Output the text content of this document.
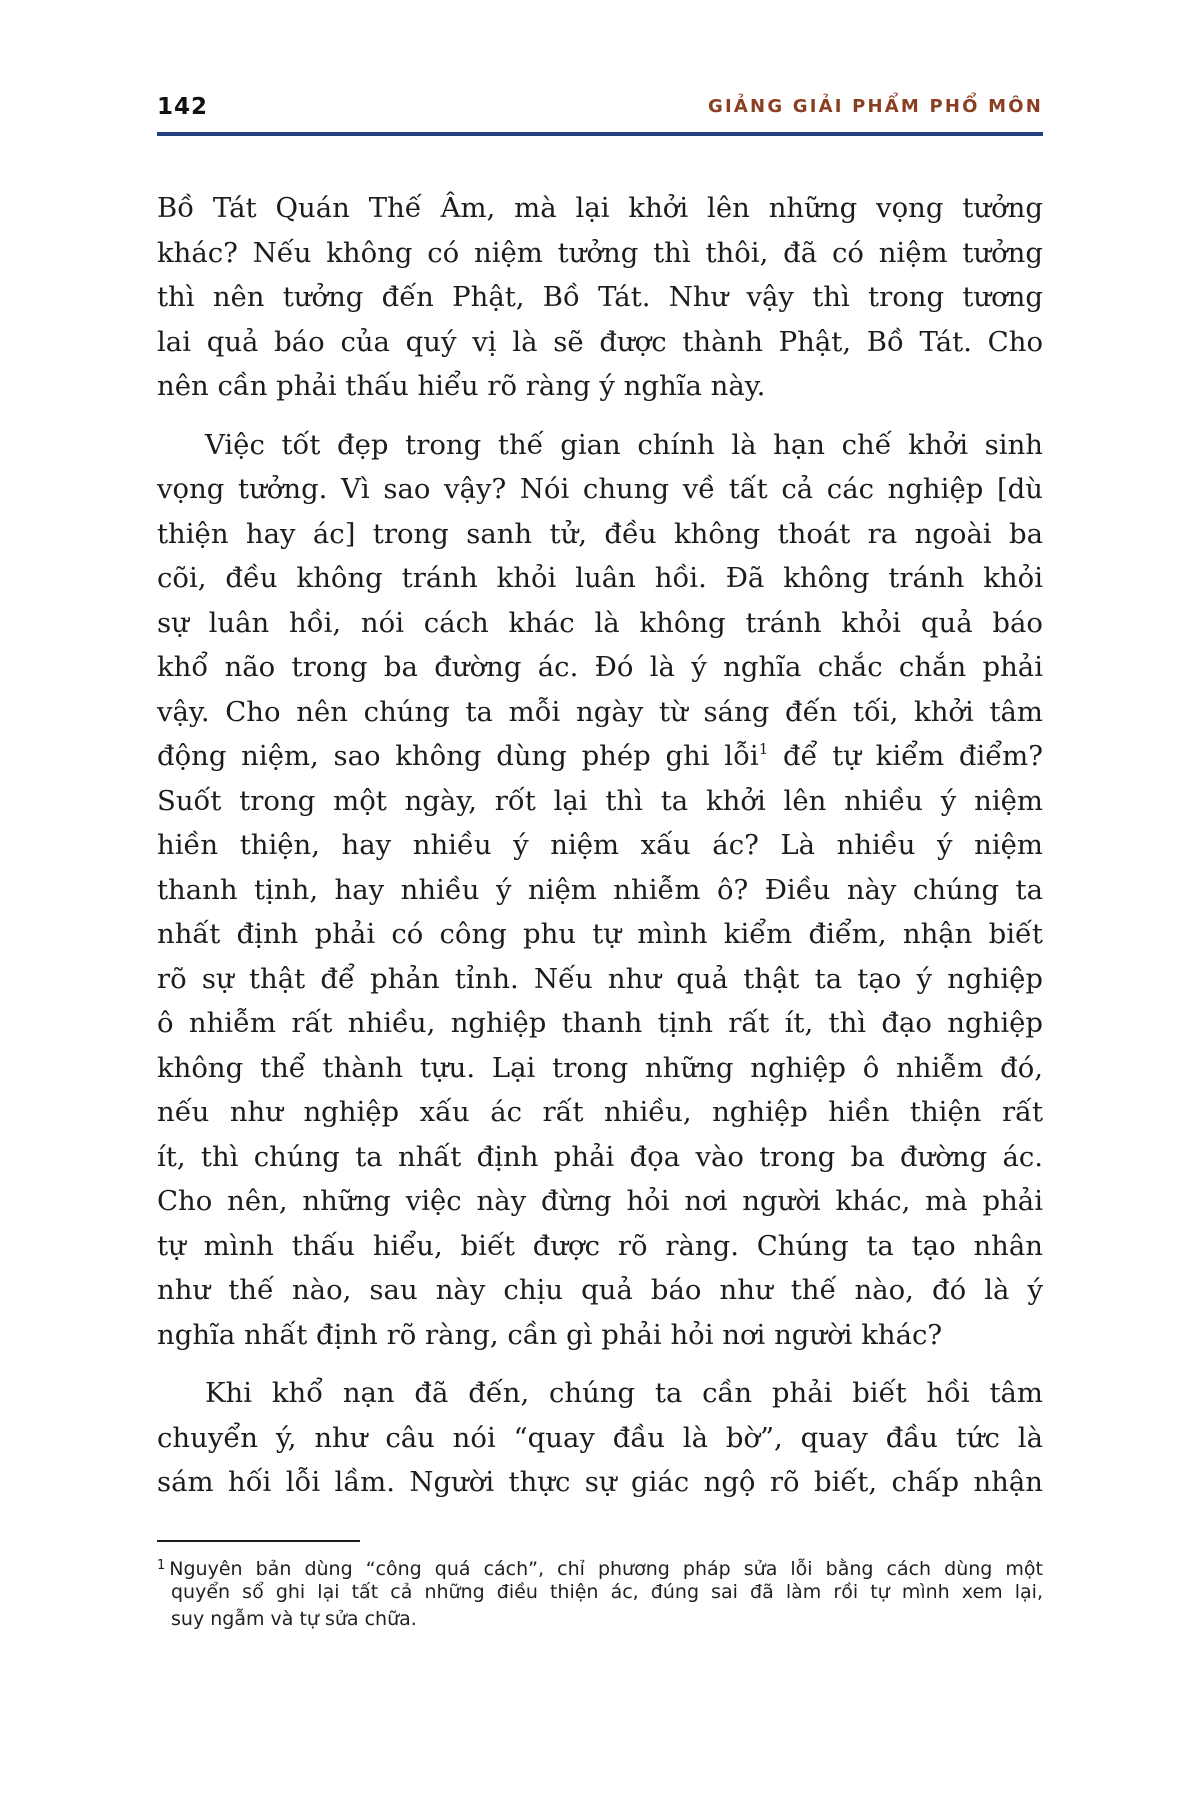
142	GIẢNG GIẢI PHẨM PHỔ MÔN
Bồ Tát Quán Thế Âm, mà lại khởi lên những vọng tưởng
khác? Nếu không có niệm tưởng thì thôi, đã có niệm tưởng
thì nên tưởng đến Phật, Bồ Tát. Như vậy thì trong tương
lai quả báo của quý vị là sẽ được thành Phật, Bồ Tát. Cho
nên cần phải thấu hiểu rõ ràng ý nghĩa này.
Việc tốt đẹp trong thế gian chính là hạn chế khởi sinh
vọng tưởng. Vì sao vậy? Nói chung về tất cả các nghiệp [dù
thiện hay ác] trong sanh tử, đều không thoát ra ngoài ba
cõi, đều không tránh khỏi luân hồi. Đã không tránh khỏi
sự luân hồi, nói cách khác là không tránh khỏi quả báo
khổ não trong ba đường ác. Đó là ý nghĩa chắc chắn phải
vậy. Cho nên chúng ta mỗi ngày từ sáng đến tối, khởi tâm
động niệm, sao không dùng phép ghi lỗi$^1$ để tự kiểm điểm?
Suốt trong một ngày, rốt lại thì ta khởi lên nhiều ý niệm
hiền thiện, hay nhiều ý niệm xấu ác? Là nhiều ý niệm
thanh tịnh, hay nhiều ý niệm nhiễm ô? Điều này chúng ta
nhất định phải có công phu tự mình kiểm điểm, nhận biết
rõ sự thật để phản tỉnh. Nếu như quả thật ta tạo ý nghiệp
ô nhiễm rất nhiều, nghiệp thanh tịnh rất ít, thì đạo nghiệp
không thể thành tựu. Lại trong những nghiệp ô nhiễm đó,
nếu như nghiệp xấu ác rất nhiều, nghiệp hiền thiện rất
ít, thì chúng ta nhất định phải đọa vào trong ba đường ác.
Cho nên, những việc này đừng hỏi nơi người khác, mà phải
tự mình thấu hiểu, biết được rõ ràng. Chúng ta tạo nhân
như thế nào, sau này chịu quả báo như thế nào, đó là ý
nghĩa nhất định rõ ràng, cần gì phải hỏi nơi người khác?
Khi khổ nạn đã đến, chúng ta cần phải biết hồi tâm
chuyển ý, như câu nói “quay đầu là bờ”, quay đầu tức là
sám hối lỗi lầm. Người thực sự giác ngộ rõ biết, chấp nhận
$^1$ Nguyên bản dùng “công quá cách”, chỉ phương pháp sửa lỗi bằng cách dùng một
quyển sổ ghi lại tất cả những điều thiện ác, đúng sai đã làm rồi tự mình xem lại,
suy ngẫm và tự sửa chữa.
